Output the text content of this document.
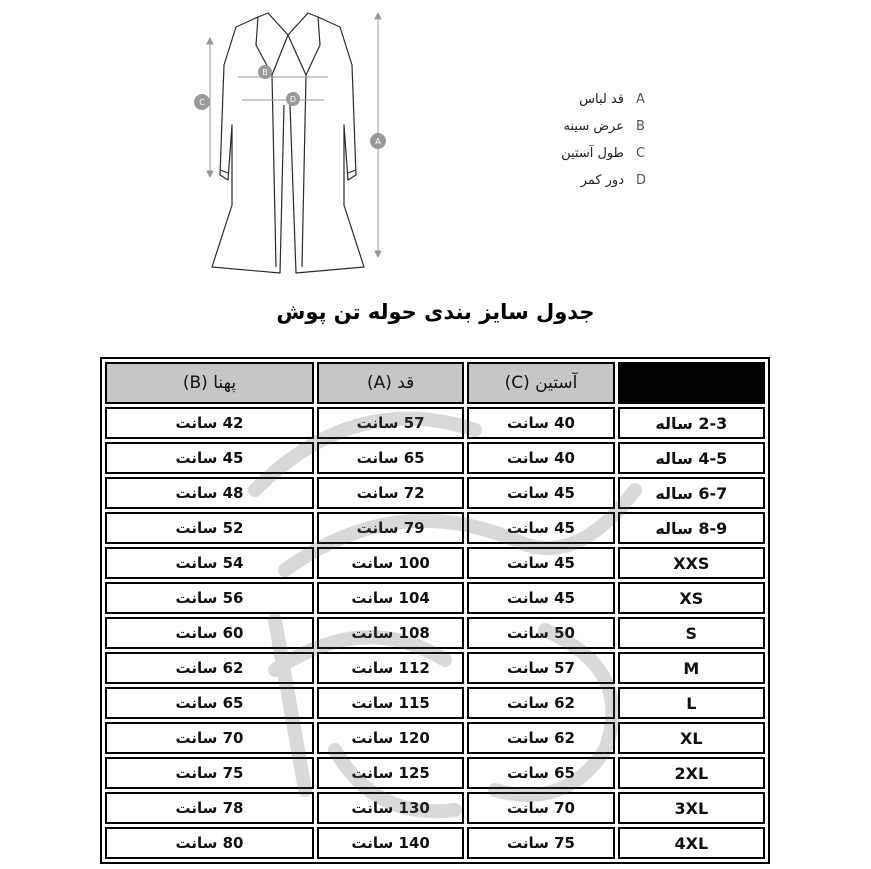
A
B
C	D	قد لباس A
عرض سینه B
طول آستین C
دور کمر D
جدول سایز بندی حوله تن پوش
پهنا (B)	قد (A)	آستین (C)	
42 سانت	57 سانت	40 سانت	2-3 ساله
45 سانت	65 سانت	40 سانت	4-5 ساله
48 سانت	72 سانت	45 سانت	6-7 ساله
52 سانت	79 سانت	45 سانت	8-9 ساله
54 سانت	100 سانت	45 سانت	XXS
56 سانت	104 سانت	45 سانت	XS
60 سانت	108 سانت	50 سانت	S
62 سانت	112 سانت	57 سانت	M
65 سانت	115 سانت	62 سانت	L
70 سانت	120 سانت	62 سانت	XL
75 سانت	125 سانت	65 سانت	2XL
78 سانت	130 سانت	70 سانت	3XL
80 سانت	140 سانت	75 سانت	4XL
